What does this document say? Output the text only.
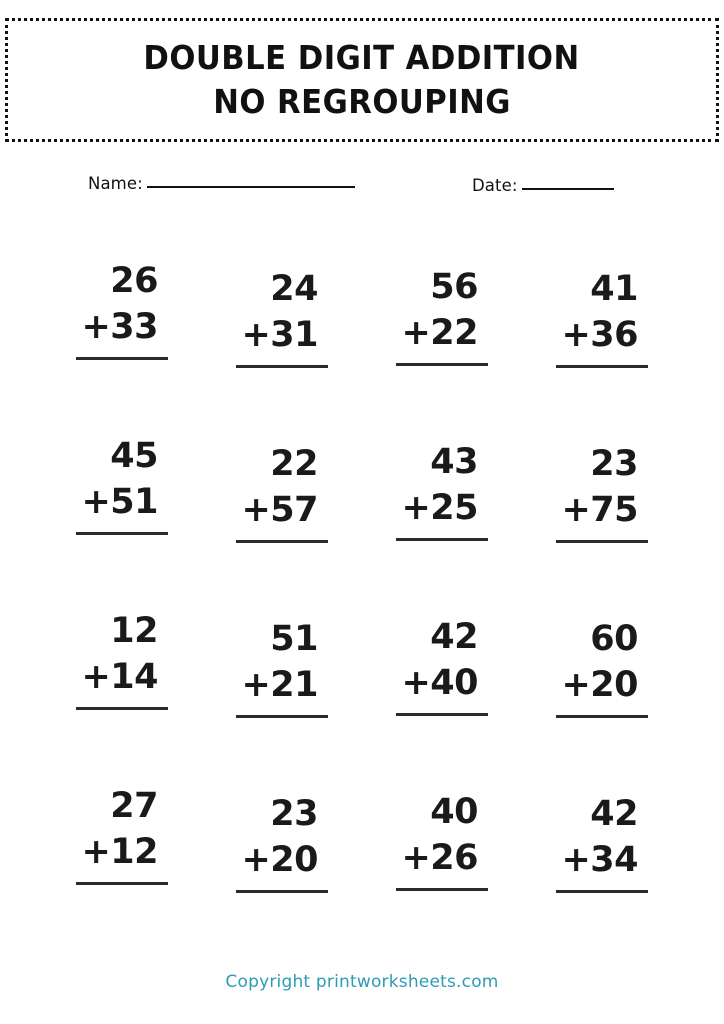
DOUBLE DIGIT ADDITION
NO REGROUPING
Name:	Date:
26
+33
24
+31
56
+22
41
+36
45
+51
22
+57
43
+25
23
+75
12
+14
51
+21
42
+40
60
+20
27
+12
23
+20
40
+26
42
+34
Copyright printworksheets.com
